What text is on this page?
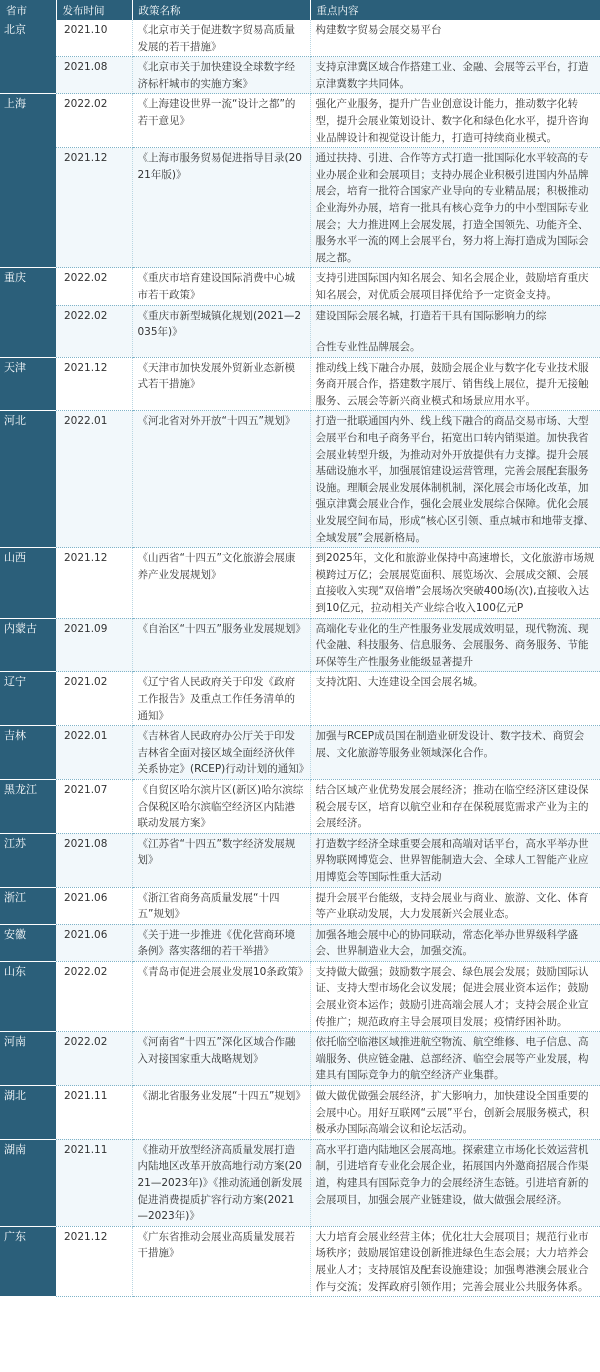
省市	发布时间	政策名称	重点内容
北京	2021.10	《北京市关于促进数字贸易高质量发展的若干措施》	构建数字贸易会展交易平台
	2021.08	《北京市关于加快建设全球数字经济标杆城市的实施方案》	支持京津冀区域合作搭建工业、金融、会展等云平台，打造京津冀数字共同体。
上海	2022.02	《上海建设世界一流“设计之都”的若干意见》	强化产业服务，提升广告业创意设计能力，推动数字化转型，提升会展业策划设计、数字化和绿色化水平，提升咨询业品牌设计和视觉设计能力，打造可持续商业模式。
	2021.12	《上海市服务贸易促进指导目录(2021年版)》	通过扶持、引进、合作等方式打造一批国际化水平较高的专业办展企业和会展项目；支持办展企业积极引进国内外品牌展会，培育一批符合国家产业导向的专业精品展；积极推动企业海外办展，培育一批具有核心竞争力的中小型国际专业展会；大力推进网上会展发展，打造全国领先、功能齐全、服务水平一流的网上会展平台，努力将上海打造成为国际会展之都。
重庆	2022.02	《重庆市培育建设国际消费中心城市若干政策》	支持引进国际国内知名展会、知名会展企业，鼓励培育重庆知名展会，对优质会展项目择优给予一定资金支持。
	2022.02	《重庆市新型城镇化规划(2021—2035年)》	建设国际会展名城，打造若干具有国际影响力的综
合性专业性品牌展会。

天津	2021.12	《天津市加快发展外贸新业态新模式若干措施》	推动线上线下融合办展，鼓励会展企业与数字化专业技术服务商开展合作，搭建数字展厅、销售线上展位，提升无接触服务、云展会等新兴商业模式和场景应用水平。
河北	2022.01	《河北省对外开放“十四五”规划》	打造一批联通国内外、线上线下融合的商品交易市场、大型会展平台和电子商务平台，拓宽出口转内销渠道。加快我省会展业转型升级，为推动对外开放提供有力支撑。提升会展基础设施水平，加强展馆建设运营管理，完善会展配套服务设施。理顺会展业发展体制机制，深化展会市场化改革，加强京津冀会展业合作，强化会展业发展综合保障。优化会展业发展空间布局，形成“核心区引领、重点城市和地带支撑、全域发展”会展新格局。
山西	2021.12	《山西省“十四五”文化旅游会展康养产业发展规划》	到2025年，文化和旅游业保持中高速增长，文化旅游市场规模跨过万亿；会展展览面积、展览场次、会展成交额、会展直接收入实现“双倍增”会展场次突破400场(次),直接收入达到10亿元，拉动相关产业综合收入100亿元P
内蒙古	2021.09	《自治区“十四五”服务业发展规划》	高端化专业化的生产性服务业发展成效明显，现代物流、现代金融、科技服务、信息服务、会展服务、商务服务、节能环保等生产性服务业能级显著提升
辽宁	2021.02	《辽宁省人民政府关于印发《政府工作报告》及重点工作任务清单的通知》	支持沈阳、大连建设全国会展名城。
吉林	2022.01	《吉林省人民政府办公厅关于印发吉林省全面对接区域全面经济伙伴关系协定》(RCEP)行动计划的通知》	加强与RCEP成员国在制造业研发设计、数字技术、商贸会展、文化旅游等服务业领域深化合作。
黑龙江	2021.07	《自贸区哈尔滨片区(新区)哈尔滨综合保税区哈尔滨临空经济区内陆港联动发展方案》	结合区域产业优势发展会展经济；推动在临空经济区建设保税会展专区，培育以航空业和存在保税展览需求产业为主的会展经济。
江苏	2021.08	《江苏省“十四五”数字经济发展规划》	打造数字经济全球重要会展和高端对话平台，高水平举办世界物联网博览会、世界智能制造大会、全球人工智能产业应用博览会等国际性重大活动
浙江	2021.06	《浙江省商务高质量发展“十四五”规划》	提升会展平台能级，支持会展业与商业、旅游、文化、体育等产业联动发展，大力发展新兴会展业态。
安徽	2021.06	《关于进一步推进《优化营商环境条例》落实落细的若干举措》	加强各地会展中心的协同联动，常态化举办世界级科学盛会、世界制造业大会，加强交流。
山东	2022.02	《青岛市促进会展业发展10条政策》	支持做大做强；鼓励数字展会、绿色展会发展；鼓励国际认证、支持大型市场化会议发展；促进会展业资本运作；鼓励会展业资本运作；鼓励引进高端会展人才；支持会展企业宣传推广；规范政府主导会展项目发展；疫情纾困补助。
河南	2022.02	《河南省“十四五”深化区域合作融入对接国家重大战略规划》	依托临空临港区域推进航空物流、航空维修、电子信息、高端服务、供应链金融、总部经济、临空会展等产业发展，构建具有国际竞争力的航空经济产业集群。
湖北	2021.11	《湖北省服务业发展“十四五”规划》	做大做优做强会展经济，扩大影响力，加快建设全国重要的会展中心。用好互联网“云展”平台，创新会展服务模式，积极承办国际高端会议和论坛活动。
湖南	2021.11	《推动开放型经济高质量发展打造内陆地区改革开放高地行动方案(2021—2023年)》《推动流通创新发展促进消费提质扩容行动方案(2021—2023年)》	高水平打造内陆地区会展高地。探索建立市场化长效运营机制，引进培育专业化会展企业，拓展国内外邀商招展合作渠道，构建具有国际竞争力的会展经济生态链。引进培育新的会展项目，加强会展产业链建设，做大做强会展经济。
广东	2021.12	《广东省推动会展业高质量发展若干措施》	大力培育会展业经营主体；优化壮大会展项目；规范行业市场秩序；鼓励展馆建设创新推进绿色生态会展；大力培养会展业人才；支持展馆及配套设施建设；加强粤港澳会展业合作与交流；发挥政府引领作用；完善会展业公共服务体系。
